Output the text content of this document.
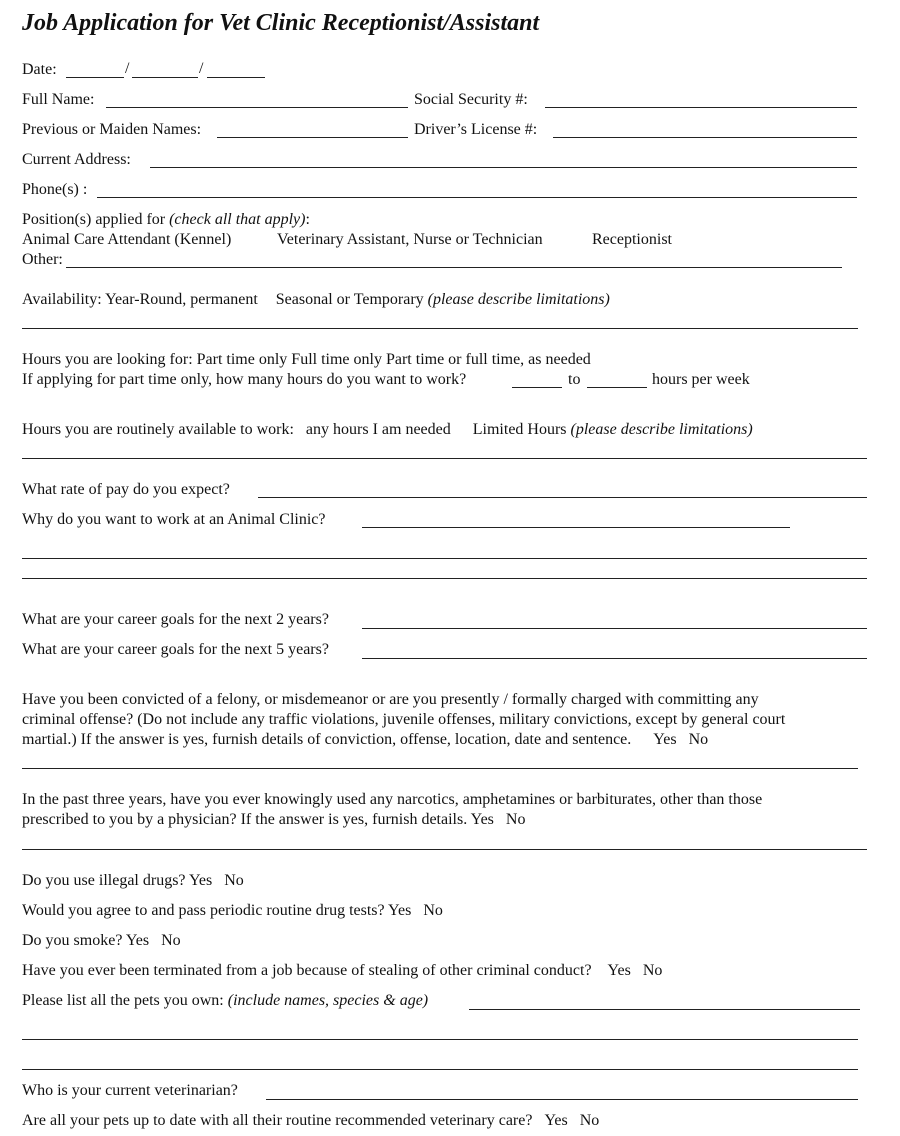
Job Application for Vet Clinic Receptionist/Assistant
Date:	/	/
Full Name:	Social Security #:
Previous or Maiden Names:	Driver’s License #:
Current Address:
Phone(s) :
Position(s) applied for (check all that apply):
Animal Care Attendant (Kennel)	Veterinary Assistant, Nurse or Technician	Receptionist
Other:
Availability: Year-Round, permanent Seasonal or Temporary (please describe limitations)
Hours you are looking for: Part time only Full time only Part time or full time, as needed
If applying for part time only, how many hours do you want to work?	to	hours per week
Hours you are routinely available to work: any hours I am needed Limited Hours (please describe limitations)
What rate of pay do you expect?
Why do you want to work at an Animal Clinic?
What are your career goals for the next 2 years?
What are your career goals for the next 5 years?
Have you been convicted of a felony, or misdemeanor or are you presently / formally charged with committing any
criminal offense? (Do not include any traffic violations, juvenile offenses, military convictions, except by general court
martial.) If the answer is yes, furnish details of conviction, offense, location, date and sentence. Yes No
In the past three years, have you ever knowingly used any narcotics, amphetamines or barbiturates, other than those
prescribed to you by a physician? If the answer is yes, furnish details. Yes No
Do you use illegal drugs? Yes No
Would you agree to and pass periodic routine drug tests? Yes No
Do you smoke? Yes No
Have you ever been terminated from a job because of stealing of other criminal conduct? Yes No
Please list all the pets you own: (include names, species & age)
Who is your current veterinarian?
Are all your pets up to date with all their routine recommended veterinary care? Yes No
